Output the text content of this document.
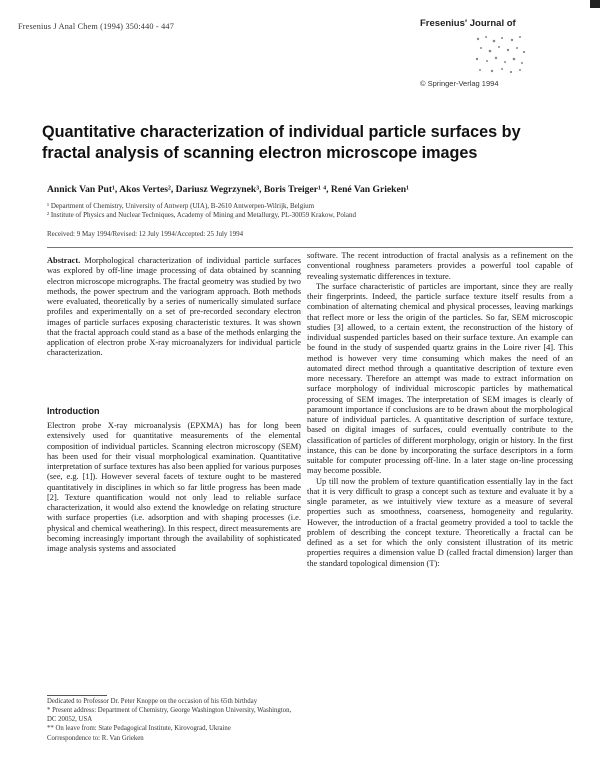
Fresenius J Anal Chem (1994) 350:440 - 447	Fresenius' Journal of
© Springer-Verlag 1994
Quantitative characterization of individual particle surfaces by fractal analysis of scanning electron microscope images
Annick Van Put¹, Akos Vertes², Dariusz Wegrzynek³, Boris Treiger¹ ⁴, René Van Grieken¹
¹ Department of Chemistry, University of Antwerp (UIA), B-2610 Antwerpen-Wilrijk, Belgium
² Institute of Physics and Nuclear Techniques, Academy of Mining and Metallurgy, PL-30059 Krakow, Poland
Received: 9 May 1994/Revised: 12 July 1994/Accepted: 25 July 1994

Abstract. Morphological characterization of individual particle surfaces was explored by off-line image processing of data obtained by scanning electron microscope micrographs. The fractal geometry was studied by two methods, the power spectrum and the variogram approach. Both methods were evaluated, theoretically by a series of numerically simulated surface profiles and experimentally on a set of pre-recorded secondary electron images of particle surfaces exposing characteristic textures. It was shown that the fractal approach could stand as a base of the methods enlarging the application of electron probe X-ray microanalyzers for individual particle characterization.

Introduction

Electron probe X-ray microanalysis (EPXMA) has for long been extensively used for quantitative measurements of the elemental composition of individual particles. Scanning electron microscopy (SEM) has been used for their visual morphological examination. Quantitative interpretation of surface textures has also been applied for various purposes (see, e.g. [1]). However several facets of texture ought to be mastered quantitatively in disciplines in which so far little progress has been made [2]. Texture quantification would not only lead to reliable surface characterization, it would also extend the knowledge on relating structure with surface properties (i.e. adsorption and with shaping processes (i.e. physical and chemical weathering). In this respect, direct measurements are becoming increasingly important through the availability of sophisticated image analysis systems and associated

software. The recent introduction of fractal analysis as a refinement on the conventional roughness parameters provides a powerful tool capable of revealing systematic differences in texture.

The surface characteristic of particles are important, since they are really their fingerprints. Indeed, the particle surface texture itself results from a combination of alternating chemical and physical processes, leaving markings that reflect more or less the origin of the particles. So far, SEM microscopic studies [3] allowed, to a certain extent, the reconstruction of the history of individual suspended particles based on their surface texture. An example can be found in the study of suspended quartz grains in the Loire river [4]. This method is however very time consuming which makes the need of an automated direct method through a quantitative description of texture even more necessary. Therefore an attempt was made to extract information on surface morphology of individual microscopic particles by mathematical processing of SEM images. The interpretation of SEM images is clearly of paramount importance if conclusions are to be drawn about the morphological nature of individual particles. A quantitative description of surface texture, based on digital images of surfaces, could eventually contribute to the classification of particles of different morphology, origin or history. In the first instance, this can be done by incorporating the surface descriptors in a form suitable for computer processing off-line. In a later stage on-line processing may become possible.

Up till now the problem of texture quantification essentially lay in the fact that it is very difficult to grasp a concept such as texture and evaluate it by a single parameter, as we intuitively view texture as a measure of several properties such as smoothness, coarseness, homogeneity and regularity. However, the introduction of a fractal geometry provided a tool to tackle the problem of describing the concept texture. Theoretically a fractal can be defined as a set for which the only consistent illustration of its metric properties requires a dimension value D (called fractal dimension) larger than the standard topological dimension (T):

Dedicated to Professor Dr. Peter Knoppe on the occasion of his 65th birthday

* Present address: Department of Chemistry, George Washington University, Washington, DC 20052, USA

** On leave from: State Pedagogical Institute, Kirovograd, Ukraine

Correspondence to: R. Van Grieken
